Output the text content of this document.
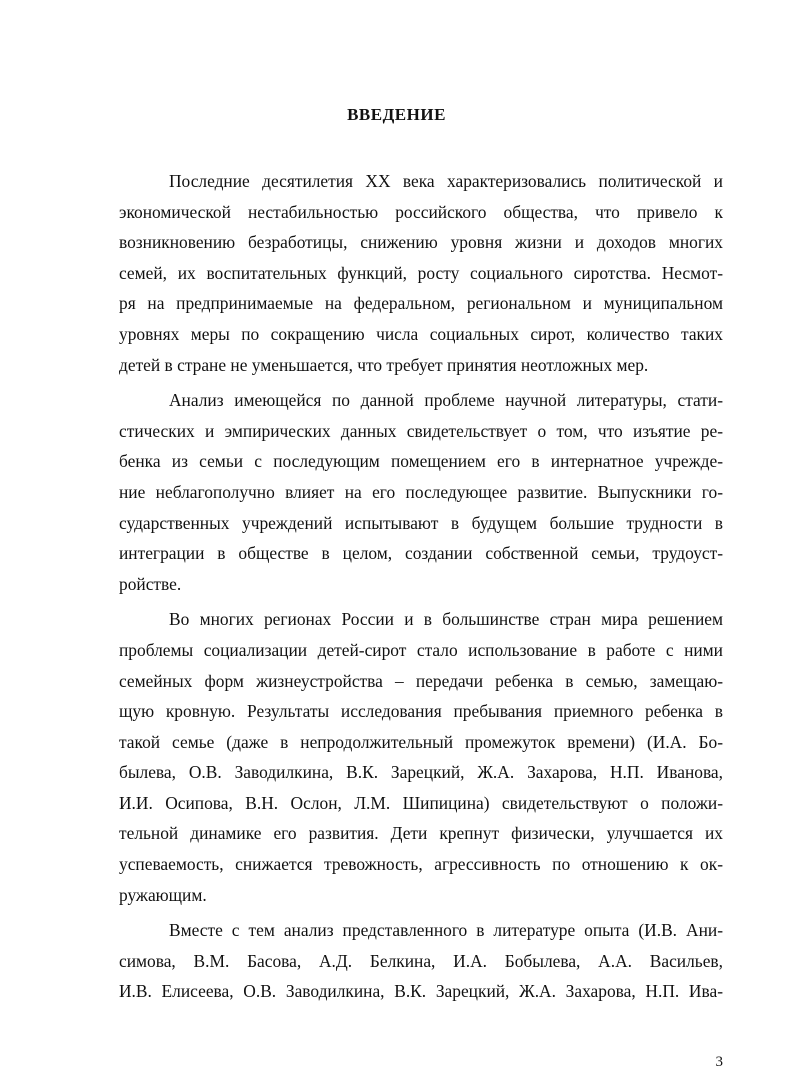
ВВЕДЕНИЕ
Последние десятилетия XX века характеризовались политической и
экономической нестабильностью российского общества, что привело к
возникновению безработицы, снижению уровня жизни и доходов многих
семей, их воспитательных функций, росту социального сиротства. Несмот-
ря на предпринимаемые на федеральном, региональном и муниципальном
уровнях меры по сокращению числа социальных сирот, количество таких
детей в стране не уменьшается, что требует принятия неотложных мер.
Анализ имеющейся по данной проблеме научной литературы, стати-
стических и эмпирических данных свидетельствует о том, что изъятие ре-
бенка из семьи с последующим помещением его в интернатное учрежде-
ние неблагополучно влияет на его последующее развитие. Выпускники го-
сударственных учреждений испытывают в будущем большие трудности в
интеграции в обществе в целом, создании собственной семьи, трудоуст-
ройстве.
Во многих регионах России и в большинстве стран мира решением
проблемы социализации детей-сирот стало использование в работе с ними
семейных форм жизнеустройства – передачи ребенка в семью, замещаю-
щую кровную. Результаты исследования пребывания приемного ребенка в
такой семье (даже в непродолжительный промежуток времени) (И.А. Бо-
былева, О.В. Заводилкина, В.К. Зарецкий, Ж.А. Захарова, Н.П. Иванова,
И.И. Осипова, В.Н. Ослон, Л.М. Шипицина) свидетельствуют о положи-
тельной динамике его развития. Дети крепнут физически, улучшается их
успеваемость, снижается тревожность, агрессивность по отношению к ок-
ружающим.
Вместе с тем анализ представленного в литературе опыта (И.В. Ани-
симова, В.М. Басова, А.Д. Белкина, И.А. Бобылева, А.А. Васильев,
И.В. Елисеева, О.В. Заводилкина, В.К. Зарецкий, Ж.А. Захарова, Н.П. Ива-
3
